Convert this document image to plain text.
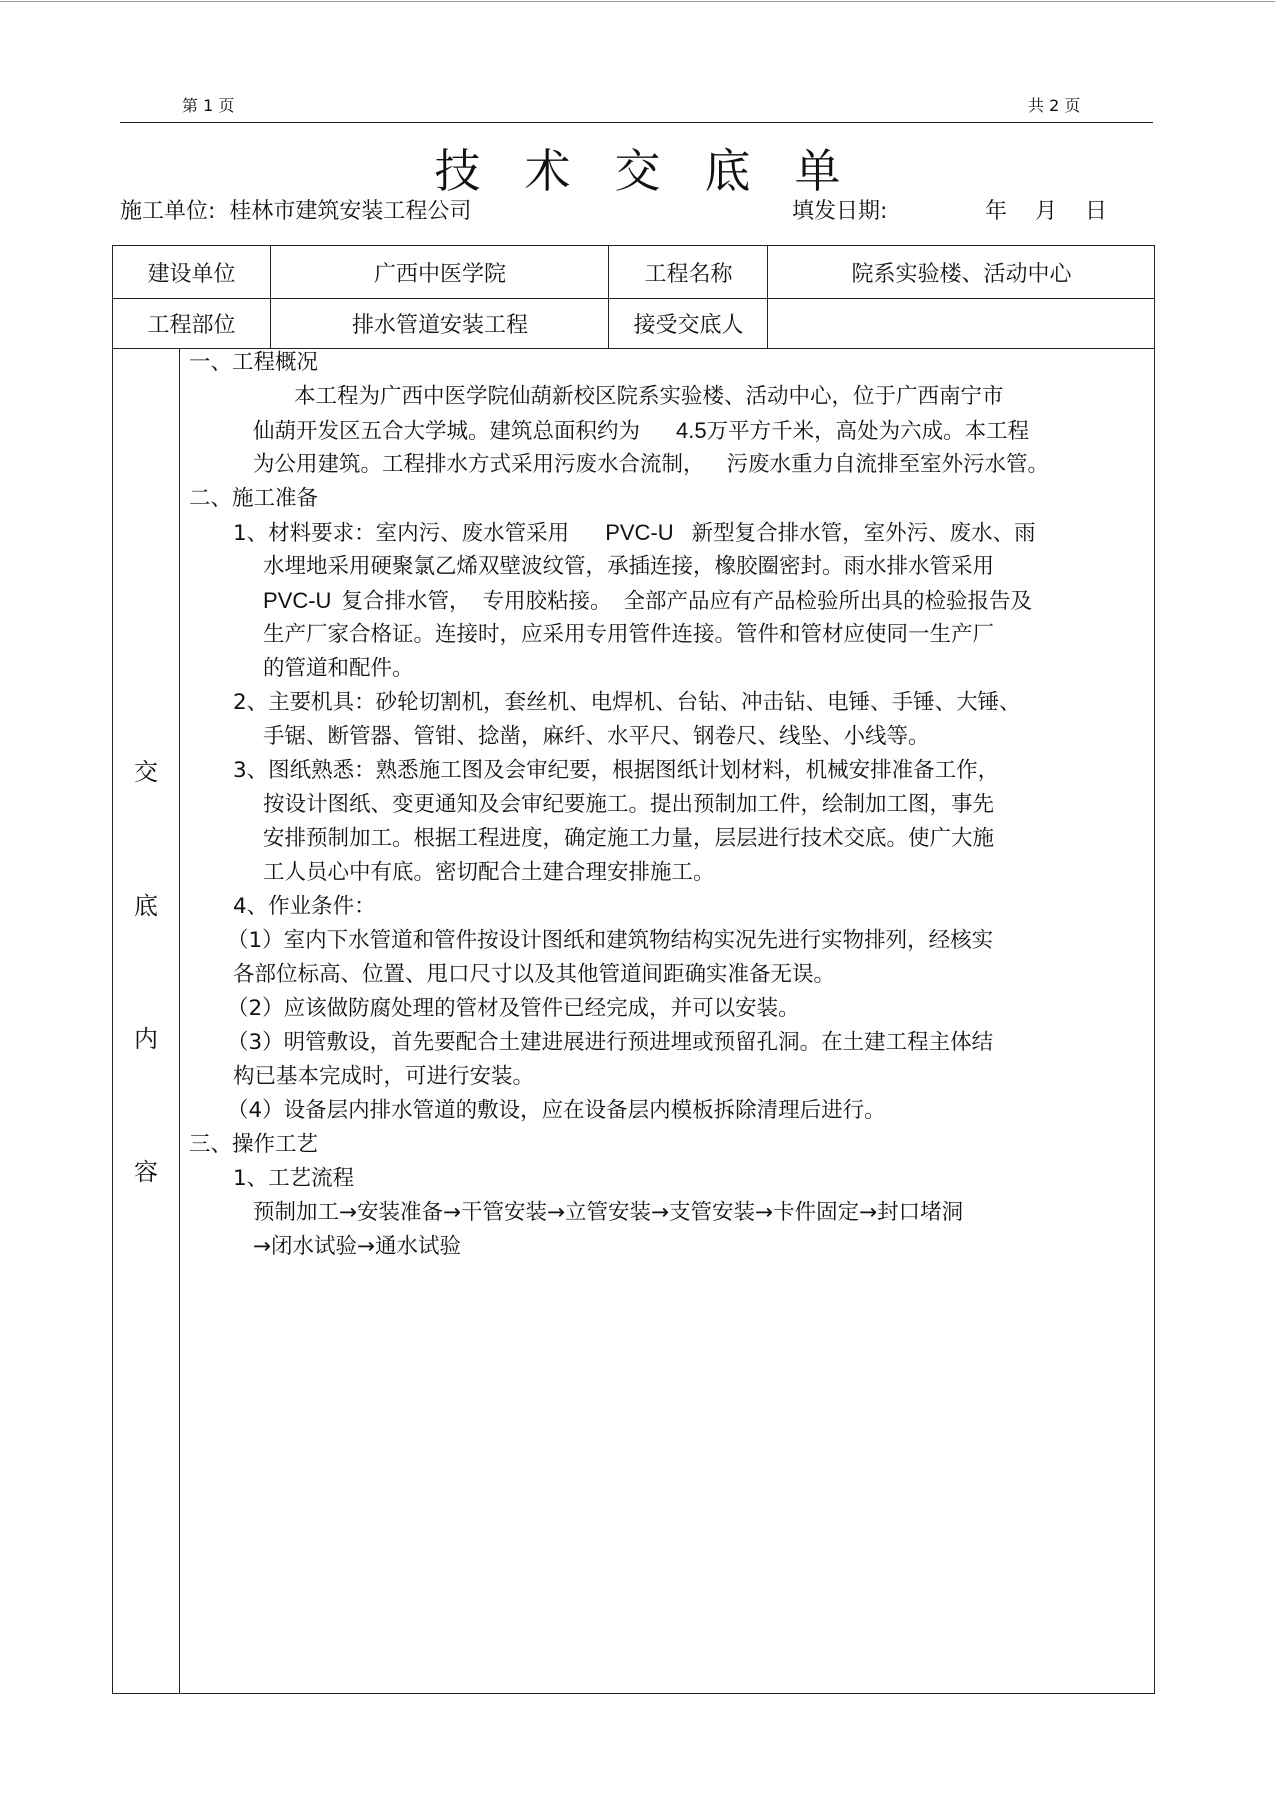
第 1 页	共 2 页
技术交底单
施工单位: 桂林市建筑安装工程公司	填发日期:	年    月    日
建设单位	广西中医学院	工程名称	院系实验楼、活动中心
工程部位	排水管道安装工程	接受交底人
交
底
内
容
一、工程概况
本工程为广西中医学院仙葫新校区院系实验楼、活动中心，位于广西南宁市
仙葫开发区五合大学城。建筑总面积约为 4.5万平方千米，高处为六成。本工程
为公用建筑。工程排水方式采用污废水合流制， 污废水重力自流排至室外污水管。
二、施工准备
1、材料要求：室内污、废水管采用 PVC-U 新型复合排水管，室外污、废水、雨
水埋地采用硬聚氯乙烯双壁波纹管，承插连接，橡胶圈密封。雨水排水管采用
PVC-U 复合排水管， 专用胶粘接。 全部产品应有产品检验所出具的检验报告及
生产厂家合格证。连接时，应采用专用管件连接。管件和管材应使同一生产厂
的管道和配件。
2、主要机具：砂轮切割机，套丝机、电焊机、台钻、冲击钻、电锤、手锤、大锤、
手锯、断管器、管钳、捻凿，麻纤、水平尺、钢卷尺、线坠、小线等。
3、图纸熟悉：熟悉施工图及会审纪要，根据图纸计划材料，机械安排准备工作，
按设计图纸、变更通知及会审纪要施工。提出预制加工件，绘制加工图，事先
安排预制加工。根据工程进度，确定施工力量，层层进行技术交底。使广大施
工人员心中有底。密切配合土建合理安排施工。
4、作业条件：
（1）室内下水管道和管件按设计图纸和建筑物结构实况先进行实物排列，经核实
各部位标高、位置、甩口尺寸以及其他管道间距确实准备无误。
（2）应该做防腐处理的管材及管件已经完成，并可以安装。
（3）明管敷设，首先要配合土建进展进行预进埋或预留孔洞。在土建工程主体结
构已基本完成时，可进行安装。
（4）设备层内排水管道的敷设，应在设备层内模板拆除清理后进行。
三、操作工艺
1、工艺流程
预制加工→安装准备→干管安装→立管安装→支管安装→卡件固定→封口堵洞
→闭水试验→通水试验
